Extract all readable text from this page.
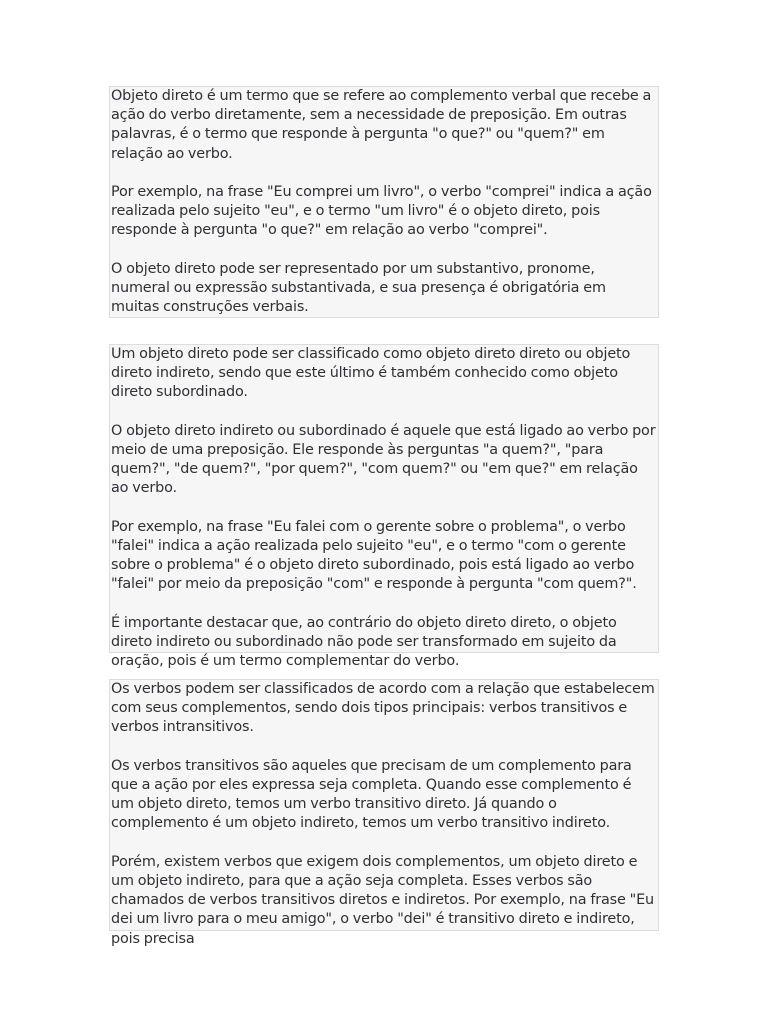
Objeto direto é um termo que se refere ao complemento verbal que recebe a ação do verbo diretamente, sem a necessidade de preposição. Em outras palavras, é o termo que responde à pergunta "o que?" ou "quem?" em relação ao verbo.

Por exemplo, na frase "Eu comprei um livro", o verbo "comprei" indica a ação realizada pelo sujeito "eu", e o termo "um livro" é o objeto direto, pois responde à pergunta "o que?" em relação ao verbo "comprei".

O objeto direto pode ser representado por um substantivo, pronome, numeral ou expressão substantivada, e sua presença é obrigatória em muitas construções verbais.

Um objeto direto pode ser classificado como objeto direto direto ou objeto direto indireto, sendo que este último é também conhecido como objeto direto subordinado.

O objeto direto indireto ou subordinado é aquele que está ligado ao verbo por meio de uma preposição. Ele responde às perguntas "a quem?", "para quem?", "de quem?", "por quem?", "com quem?" ou "em que?" em relação ao verbo.

Por exemplo, na frase "Eu falei com o gerente sobre o problema", o verbo "falei" indica a ação realizada pelo sujeito "eu", e o termo "com o gerente sobre o problema" é o objeto direto subordinado, pois está ligado ao verbo "falei" por meio da preposição "com" e responde à pergunta "com quem?".

É importante destacar que, ao contrário do objeto direto direto, o objeto direto indireto ou subordinado não pode ser transformado em sujeito da oração, pois é um termo complementar do verbo.

Os verbos podem ser classificados de acordo com a relação que estabelecem com seus complementos, sendo dois tipos principais: verbos transitivos e verbos intransitivos.

Os verbos transitivos são aqueles que precisam de um complemento para que a ação por eles expressa seja completa. Quando esse complemento é um objeto direto, temos um verbo transitivo direto. Já quando o complemento é um objeto indireto, temos um verbo transitivo indireto.

Porém, existem verbos que exigem dois complementos, um objeto direto e um objeto indireto, para que a ação seja completa. Esses verbos são chamados de verbos transitivos diretos e indiretos. Por exemplo, na frase "Eu dei um livro para o meu amigo", o verbo "dei" é transitivo direto e indireto, pois precisa
